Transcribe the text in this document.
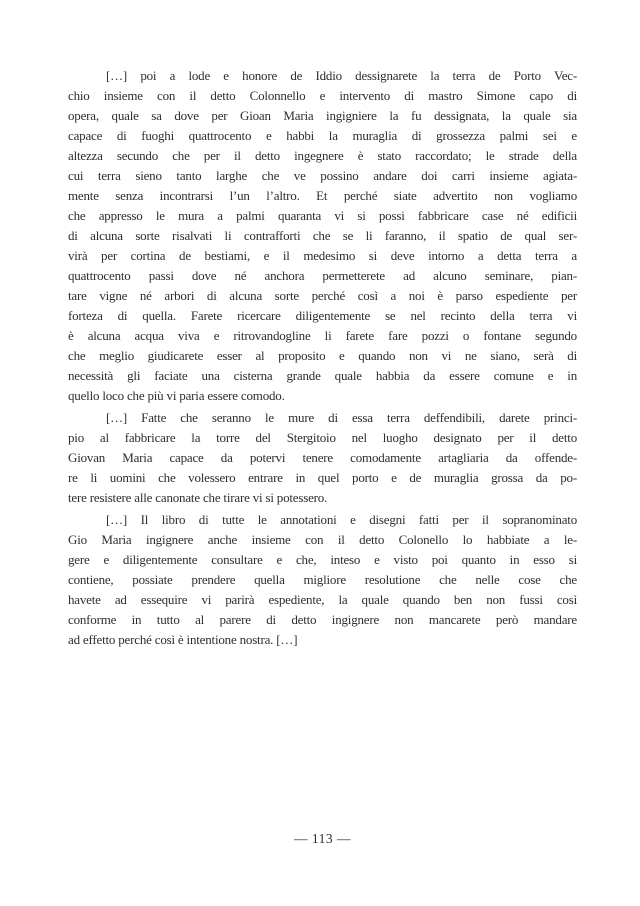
[…] poi a lode e honore de Iddio dessignarete la terra de Porto Vec-
chio insieme con il detto Colonnello e intervento di mastro Simone capo di
opera, quale sa dove per Gioan Maria ingigniere la fu dessignata, la quale sia
capace di fuoghi quattrocento e habbi la muraglia di grossezza palmi sei e
altezza secundo che per il detto ingegnere è stato raccordato; le strade della
cui terra sieno tanto larghe che ve possino andare doi carri insieme agiata-
mente senza incontrarsi l’un l’altro. Et perché siate advertito non vogliamo
che appresso le mura a palmi quaranta vi si possi fabbricare case né edificii
di alcuna sorte risalvati li contrafforti che se li faranno, il spatio de qual ser-
virà per cortina de bestiami, e il medesimo si deve intorno a detta terra a
quattrocento passi dove né anchora permetterete ad alcuno seminare, pian-
tare vigne né arbori di alcuna sorte perché così a noi è parso espediente per
forteza di quella. Farete ricercare diligentemente se nel recinto della terra vi
è alcuna acqua viva e ritrovandogline li farete fare pozzi o fontane segundo
che meglio giudicarete esser al proposito e quando non vi ne siano, serà di
necessità gli faciate una cisterna grande quale habbia da essere comune e in
quello loco che più vi paria essere comodo.
[…] Fatte che seranno le mure di essa terra deffendibili, darete princi-
pio al fabbricare la torre del Stergitoio nel luogho designato per il detto
Giovan Maria capace da potervi tenere comodamente artagliaria da offende-
re li uomini che volessero entrare in quel porto e de muraglia grossa da po-
tere resistere alle canonate che tirare vi si potessero.
[…] Il libro di tutte le annotationi e disegni fatti per il sopranominato
Gio Maria ingignere anche insieme con il detto Colonello lo habbiate a le-
gere e diligentemente consultare e che, inteso e visto poi quanto in esso si
contiene, possiate prendere quella migliore resolutione che nelle cose che
havete ad essequire vi parirà espediente, la quale quando ben non fussi così
conforme in tutto al parere di detto ingignere non mancarete però mandare
ad effetto perché così è intentione nostra. […]
— 113 —
